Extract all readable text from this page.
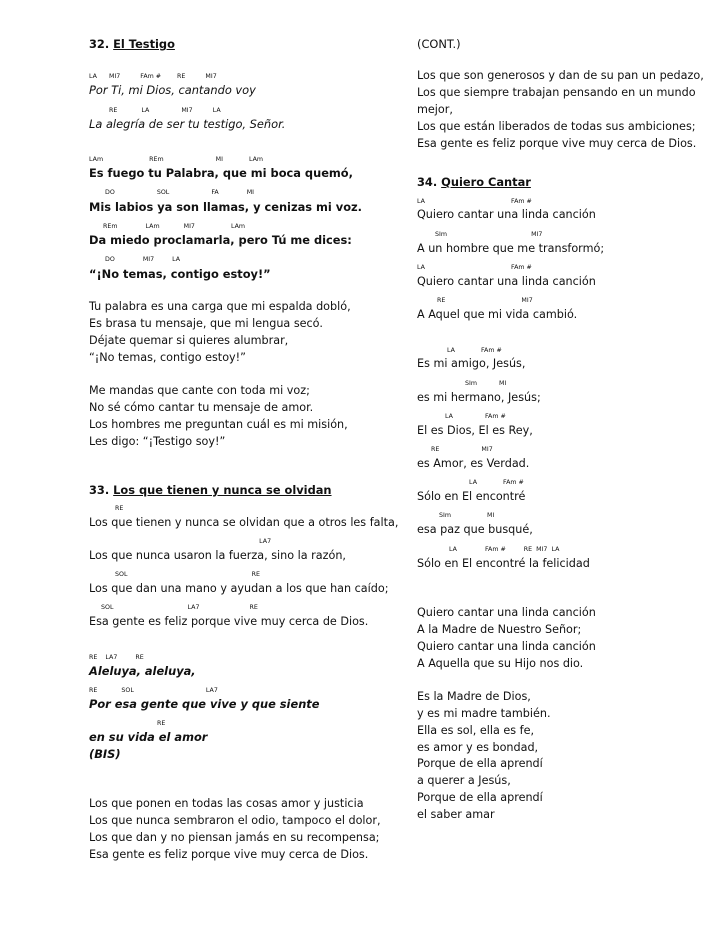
32. El Testigo
LA      MI7          FAm #        RE          MI7
Por Ti, mi Dios, cantando voy
RE            LA                MI7          LA
La alegría de ser tu testigo, Señor.
LAm                       REm                          MI             LAm
Es fuego tu Palabra, que mi boca quemó,
DO                     SOL                     FA              MI
Mis labios ya son llamas, y cenizas mi voz.
REm              LAm            MI7                  LAm
Da miedo proclamarla, pero Tú me dices:
DO              MI7         LA
“¡No temas, contigo estoy!”
Tu palabra es una carga que mi espalda dobló,
Es brasa tu mensaje, que mi lengua secó.
Déjate quemar si quieres alumbrar,
“¡No temas, contigo estoy!”
Me mandas que cante con toda mi voz;
No sé cómo cantar tu mensaje de amor.
Los hombres me preguntan cuál es mi misión,
Les digo: “¡Testigo soy!”
33. Los que tienen y nunca se olvidan
RE
Los que tienen y nunca se olvidan que a otros les falta,
LA7
Los que nunca usaron la fuerza, sino la razón,
SOL                                                              RE
Los que dan una mano y ayudan a los que han caído;
SOL                                     LA7                         RE
Esa gente es feliz porque vive muy cerca de Dios.
RE    LA7         RE
Aleluya, aleluya,
RE            SOL                                    LA7
Por esa gente que vive y que siente
RE
en su vida el amor
(BIS)
Los que ponen en todas las cosas amor y justicia
Los que nunca sembraron el odio, tampoco el dolor,
Los que dan y no piensan jamás en su recompensa;
Esa gente es feliz porque vive muy cerca de Dios.
(CONT.)
Los que son generosos y dan de su pan un pedazo,
Los que siempre trabajan pensando en un mundo
mejor,
Los que están liberados de todas sus ambiciones;
Esa gente es feliz porque vive muy cerca de Dios.
34. Quiero Cantar
LA                                           FAm #
Quiero cantar una linda canción
SIm                                          MI7
A un hombre que me transformó;
LA                                           FAm #
Quiero cantar una linda canción
RE                                      MI7
A Aquel que mi vida cambió.
LA             FAm #
Es mi amigo, Jesús,
SIm           MI
es mi hermano, Jesús;
LA                FAm #
El es Dios, El es Rey,
RE                     MI7
es Amor, es Verdad.
LA             FAm #
Sólo en El encontré
SIm                  MI
esa paz que busqué,
LA              FAm #         RE  MI7  LA
Sólo en El encontré la felicidad
Quiero cantar una linda canción
A la Madre de Nuestro Señor;
Quiero cantar una linda canción
A Aquella que su Hijo nos dio.
Es la Madre de Dios,
y es mi madre también.
Ella es sol, ella es fe,
es amor y es bondad,
Porque de ella aprendí
a querer a Jesús,
Porque de ella aprendí
el saber amar
